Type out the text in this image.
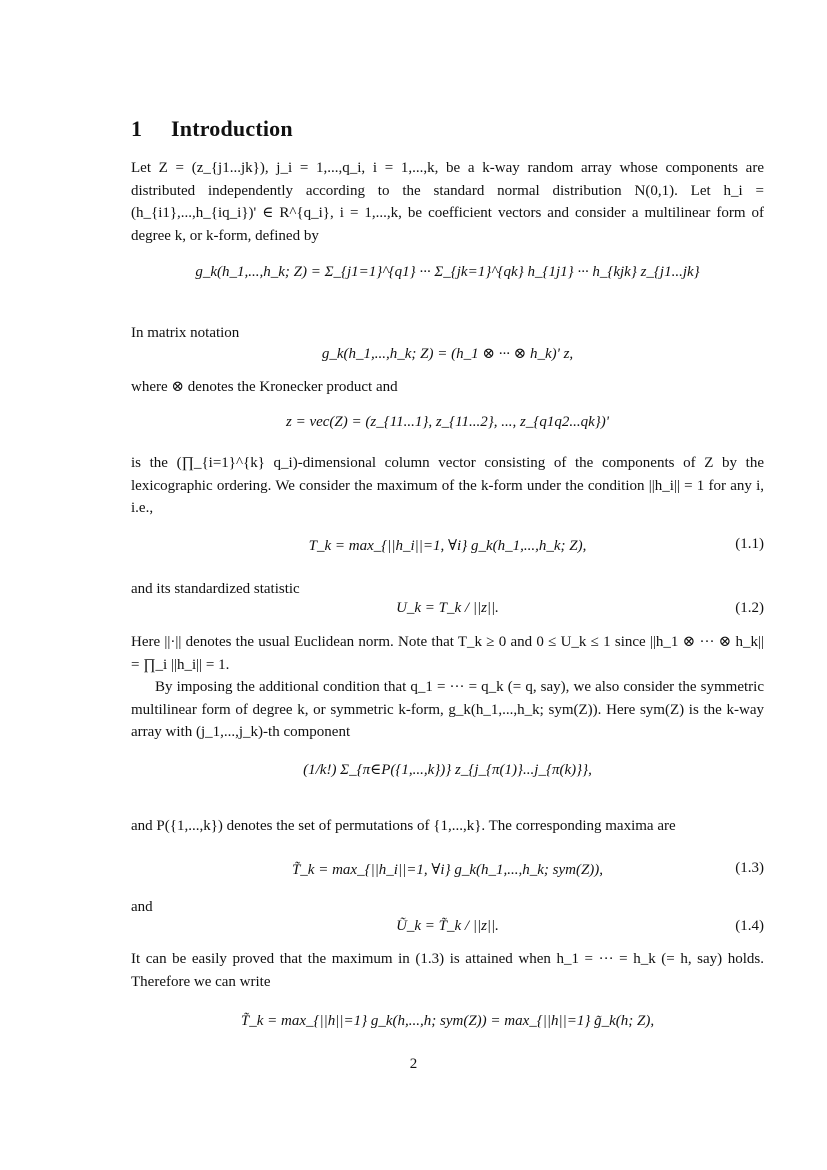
1 Introduction
Let Z = (z_{j1...jk}), j_i = 1,...,q_i, i = 1,...,k, be a k-way random array whose components are distributed independently according to the standard normal distribution N(0,1). Let h_i = (h_{i1},...,h_{iq_i})' ∈ R^{q_i}, i = 1,...,k, be coefficient vectors and consider a multilinear form of degree k, or k-form, defined by
g_k(h_1,...,h_k; Z) = Σ_{j1=1}^{q1} ··· Σ_{jk=1}^{qk} h_{1j1} ··· h_{kjk} z_{j1...jk}
In matrix notation
g_k(h_1,...,h_k; Z) = (h_1 ⊗ ··· ⊗ h_k)' z,
where ⊗ denotes the Kronecker product and
z = vec(Z) = (z_{11...1}, z_{11...2}, ..., z_{q1q2...qk})'
is the (∏_{i=1}^{k} q_i)-dimensional column vector consisting of the components of Z by the lexicographic ordering. We consider the maximum of the k-form under the condition ||h_i|| = 1 for any i, i.e.,
T_k = max_{||h_i||=1, ∀i} g_k(h_1,...,h_k; Z),	(1.1)
and its standardized statistic
U_k = T_k / ||z||.	(1.2)
Here ||·|| denotes the usual Euclidean norm. Note that T_k ≥ 0 and 0 ≤ U_k ≤ 1 since ||h_1 ⊗ ··· ⊗ h_k|| = ∏_i ||h_i|| = 1.
By imposing the additional condition that q_1 = ··· = q_k (= q, say), we also consider the symmetric multilinear form of degree k, or symmetric k-form, g_k(h_1,...,h_k; sym(Z)). Here sym(Z) is the k-way array with (j_1,...,j_k)-th component
(1/k!) Σ_{π∈P({1,...,k})} z_{j_{π(1)}...j_{π(k)}},
and P({1,...,k}) denotes the set of permutations of {1,...,k}. The corresponding maxima are
T̃_k = max_{||h_i||=1, ∀i} g_k(h_1,...,h_k; sym(Z)),	(1.3)
and
Ũ_k = T̃_k / ||z||.	(1.4)
It can be easily proved that the maximum in (1.3) is attained when h_1 = ··· = h_k (= h, say) holds. Therefore we can write
T̃_k = max_{||h||=1} g_k(h,...,h; sym(Z)) = max_{||h||=1} g̃_k(h; Z),
2
